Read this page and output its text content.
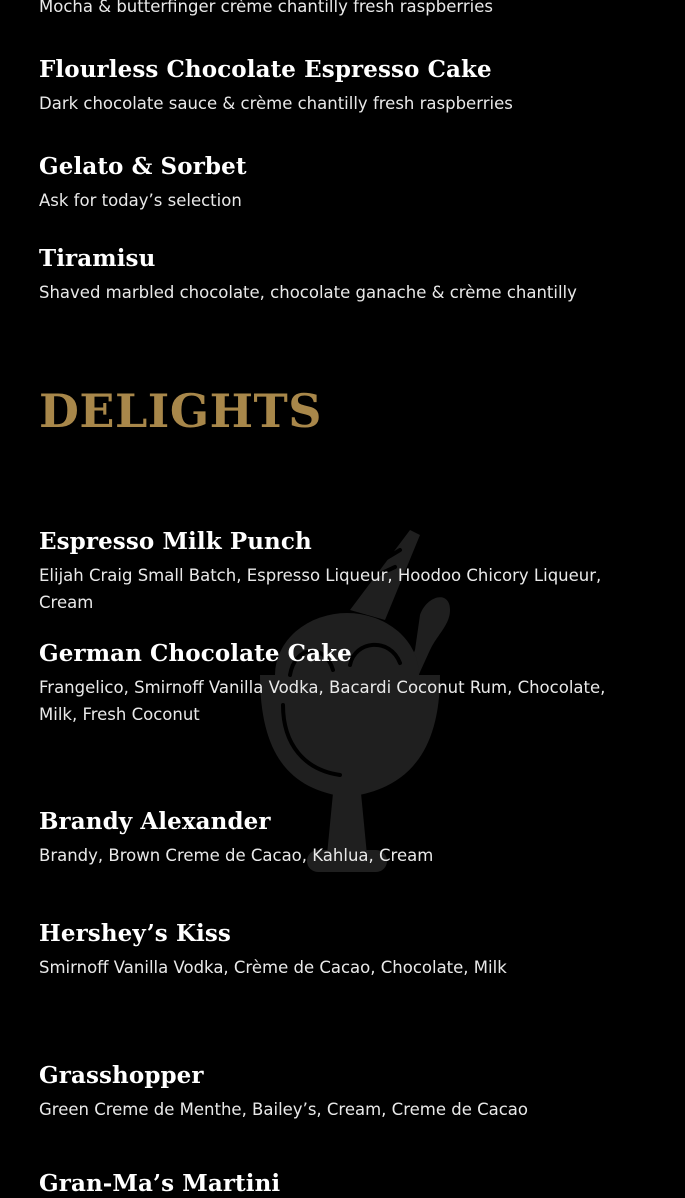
Mocha & butterfinger crème chantilly fresh raspberries

Flourless Chocolate Espresso Cake

Dark chocolate sauce & crème chantilly fresh raspberries

Gelato & Sorbet

Ask for today’s selection

Tiramisu

Shaved marbled chocolate, chocolate ganache & crème chantilly

DELIGHTS
Espresso Milk Punch

Elijah Craig Small Batch, Espresso Liqueur, Hoodoo Chicory Liqueur, Cream

German Chocolate Cake

Frangelico, Smirnoff Vanilla Vodka, Bacardi Coconut Rum, Chocolate, Milk, Fresh Coconut

Brandy Alexander

Brandy, Brown Creme de Cacao, Kahlua, Cream

Hershey’s Kiss

Smirnoff Vanilla Vodka, Crème de Cacao, Chocolate, Milk

Grasshopper

Green Creme de Menthe, Bailey’s, Cream, Creme de Cacao

Gran-Ma’s Martini
